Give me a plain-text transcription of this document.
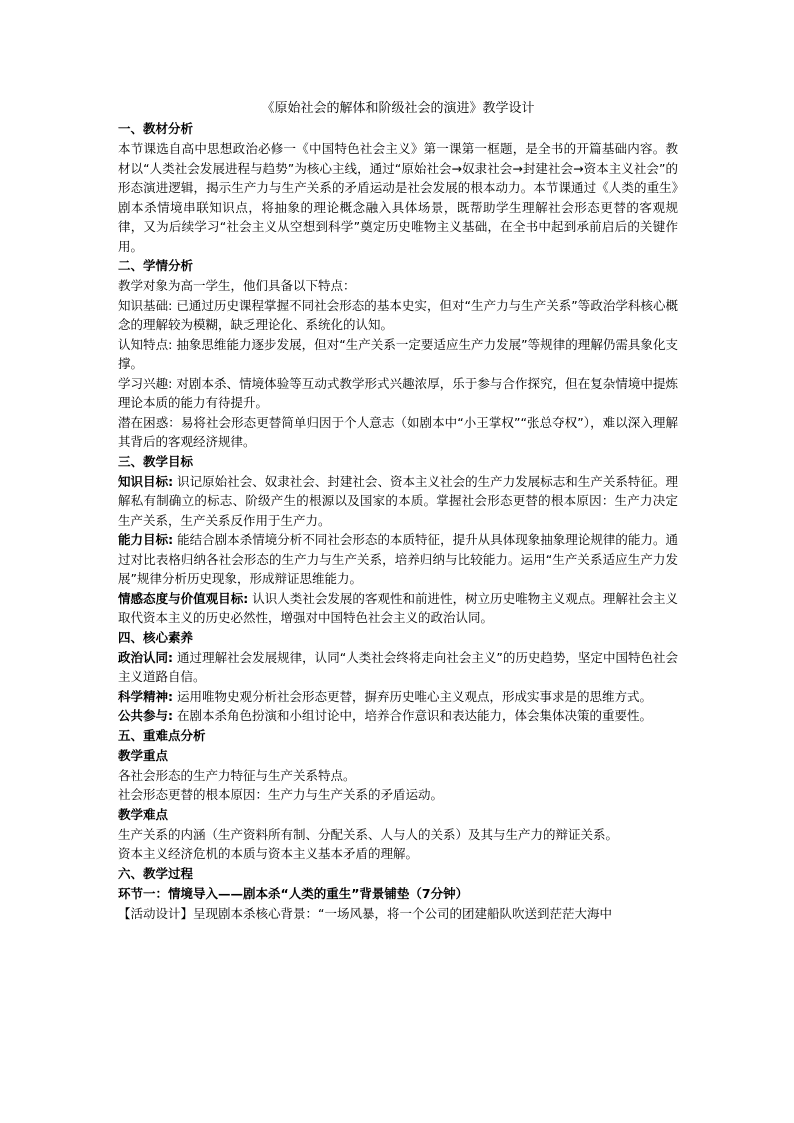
《原始社会的解体和阶级社会的演进》教学设计

一、教材分析

本节课选自高中思想政治必修一《中国特色社会主义》第一课第一框题，是全书的开篇基础内容。教材以“人类社会发展进程与趋势”为核心主线，通过“原始社会→奴隶社会→封建社会→资本主义社会”的形态演进逻辑，揭示生产力与生产关系的矛盾运动是社会发展的根本动力。本节课通过《人类的重生》剧本杀情境串联知识点，将抽象的理论概念融入具体场景，既帮助学生理解社会形态更替的客观规律，又为后续学习“社会主义从空想到科学”奠定历史唯物主义基础，在全书中起到承前启后的关键作用。

二、学情分析

教学对象为高一学生，他们具备以下特点：

知识基础: 已通过历史课程掌握不同社会形态的基本史实，但对“生产力与生产关系”等政治学科核心概念的理解较为模糊，缺乏理论化、系统化的认知。

认知特点: 抽象思维能力逐步发展，但对“生产关系一定要适应生产力发展”等规律的理解仍需具象化支撑。

学习兴趣: 对剧本杀、情境体验等互动式教学形式兴趣浓厚，乐于参与合作探究，但在复杂情境中提炼理论本质的能力有待提升。

潜在困惑：易将社会形态更替简单归因于个人意志（如剧本中“小王掌权”“张总夺权”），难以深入理解其背后的客观经济规律。

三、教学目标

知识目标: 识记原始社会、奴隶社会、封建社会、资本主义社会的生产力发展标志和生产关系特征。理解私有制确立的标志、阶级产生的根源以及国家的本质。掌握社会形态更替的根本原因：生产力决定生产关系，生产关系反作用于生产力。

能力目标: 能结合剧本杀情境分析不同社会形态的本质特征，提升从具体现象抽象理论规律的能力。通过对比表格归纳各社会形态的生产力与生产关系，培养归纳与比较能力。运用“生产关系适应生产力发展”规律分析历史现象，形成辩证思维能力。

情感态度与价值观目标: 认识人类社会发展的客观性和前进性，树立历史唯物主义观点。理解社会主义取代资本主义的历史必然性，增强对中国特色社会主义的政治认同。

四、核心素养

政治认同: 通过理解社会发展规律，认同“人类社会终将走向社会主义”的历史趋势，坚定中国特色社会主义道路自信。

科学精神: 运用唯物史观分析社会形态更替，摒弃历史唯心主义观点，形成实事求是的思维方式。

公共参与: 在剧本杀角色扮演和小组讨论中，培养合作意识和表达能力，体会集体决策的重要性。

五、重难点分析

教学重点

各社会形态的生产力特征与生产关系特点。

社会形态更替的根本原因：生产力与生产关系的矛盾运动。

教学难点

生产关系的内涵（生产资料所有制、分配关系、人与人的关系）及其与生产力的辩证关系。

资本主义经济危机的本质与资本主义基本矛盾的理解。

六、教学过程

环节一：情境导入——剧本杀“人类的重生”背景铺垫（7分钟）

【活动设计】呈现剧本杀核心背景：“一场风暴，将一个公司的团建船队吹送到茫茫大海中
